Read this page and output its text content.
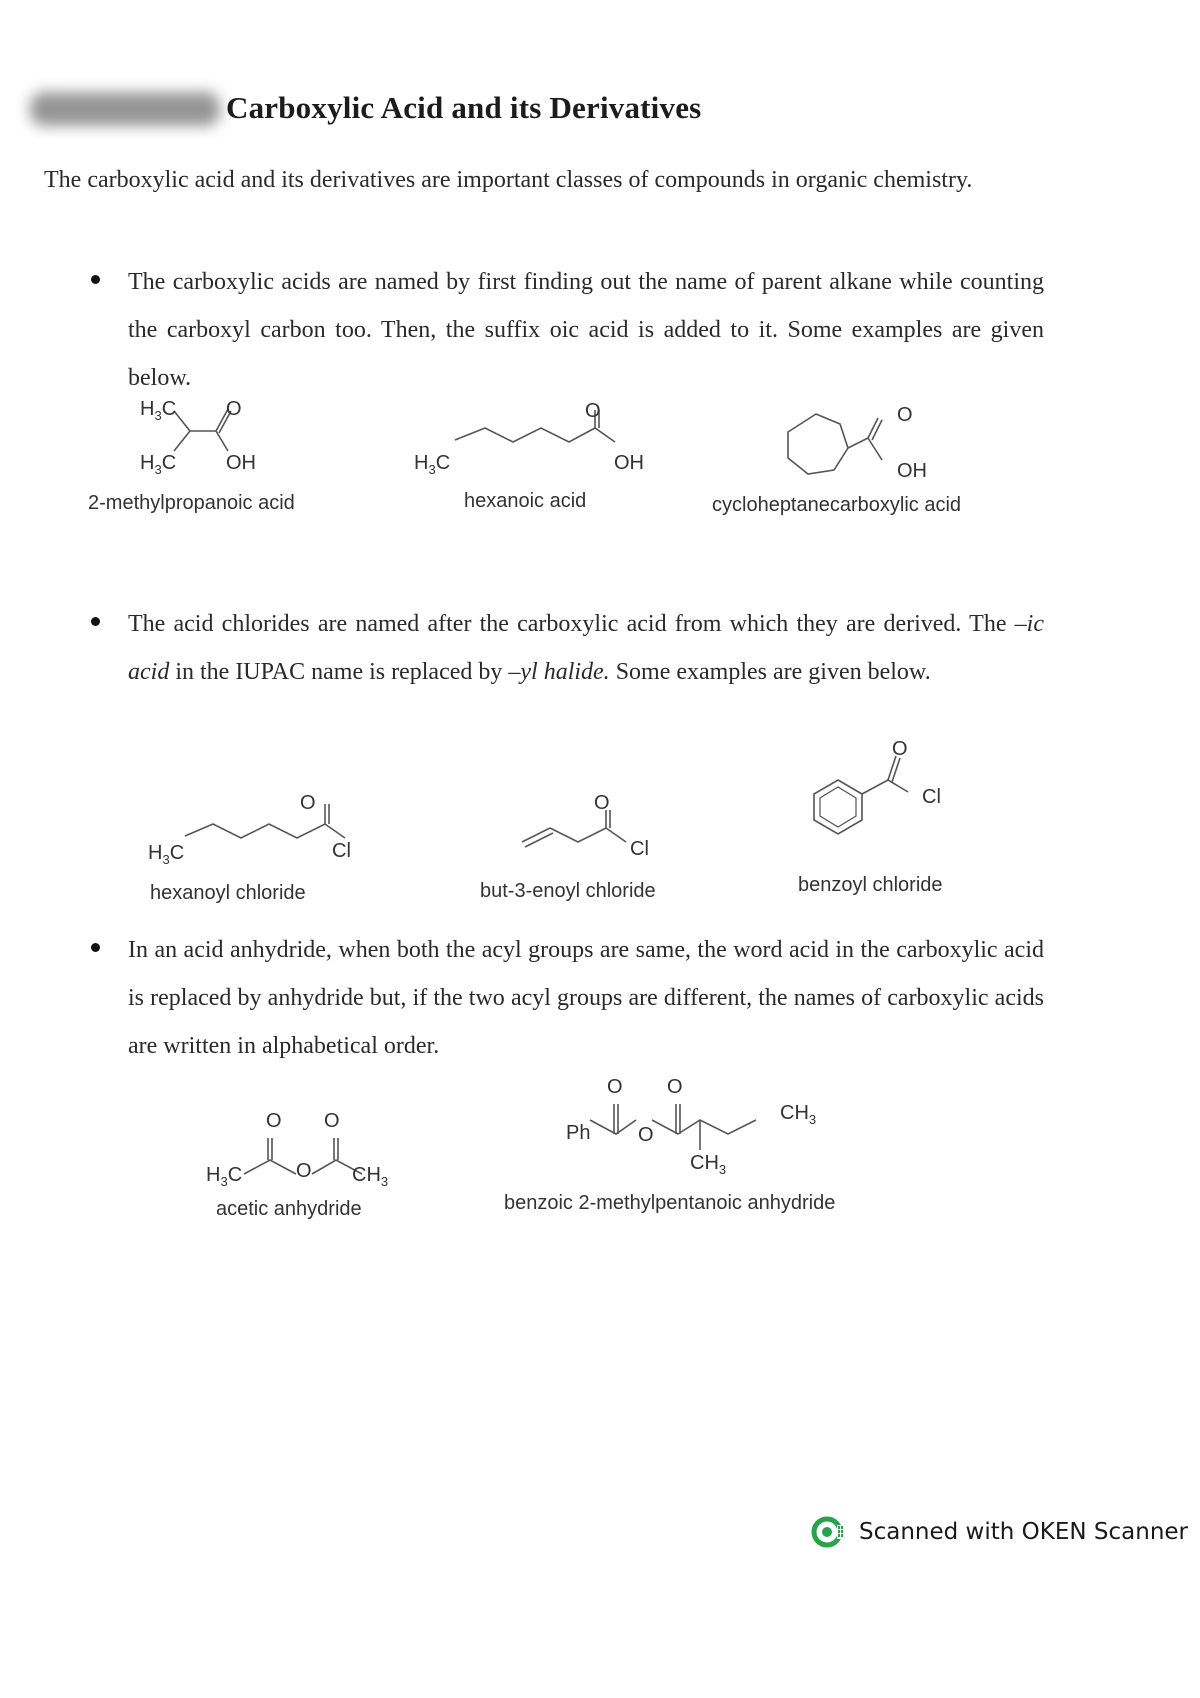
Carboxylic Acid and its Derivatives
The carboxylic acid and its derivatives are important classes of compounds in organic chemistry.
The carboxylic acids are named by first finding out the name of parent alkane while counting the carboxyl carbon too. Then, the suffix oic acid is added to it. Some examples are given below.
$H_3C$ O
$H_3C$ OH
2-methylpropanoic acid
$H_3C$
O
OH
hexanoic acid
O
OH
cycloheptanecarboxylic acid
The acid chlorides are named after the carboxylic acid from which they are derived. The –ic acid in the IUPAC name is replaced by –yl halide. Some examples are given below.
$H_3C$
O
Cl
hexanoyl chloride
O
Cl
but-3-enoyl chloride
O
Cl
benzoyl chloride
In an acid anhydride, when both the acyl groups are same, the word acid in the carboxylic acid is replaced by anhydride but, if the two acyl groups are different, the names of carboxylic acids are written in alphabetical order.
$H_3C$
O O
O $CH_3$
acetic anhydride
Ph
O O
O
$CH_3$
$CH_3$
benzoic 2-methylpentanoic anhydride
Scanned with OKEN Scanner
